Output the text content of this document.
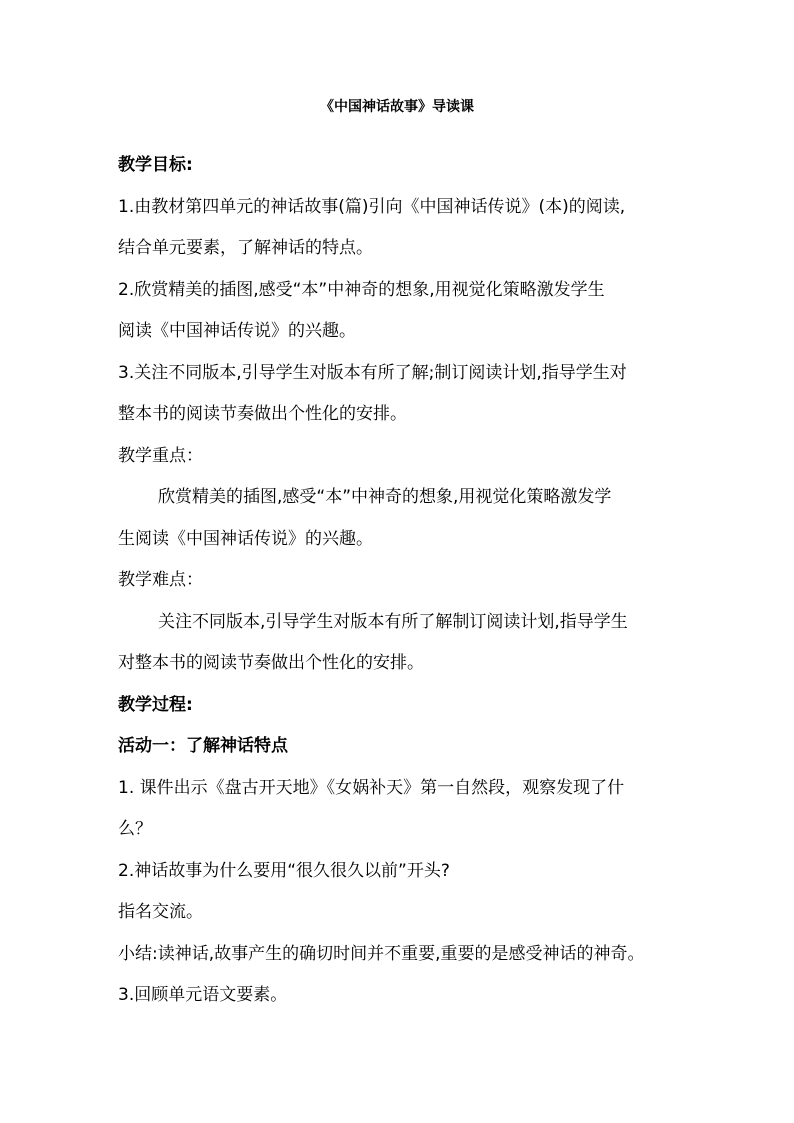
《中国神话故事》导读课
教学目标:
1.由教材第四单元的神话故事(篇)引向《中国神话传说》(本)的阅读,
结合单元要素，了解神话的特点。
2.欣赏精美的插图,感受“本”中神奇的想象,用视觉化策略激发学生
阅读《中国神话传说》的兴趣。
3.关注不同版本,引导学生对版本有所了解;制订阅读计划,指导学生对
整本书的阅读节奏做出个性化的安排。
教学重点：
欣赏精美的插图,感受“本”中神奇的想象,用视觉化策略激发学
生阅读《中国神话传说》的兴趣。
教学难点：
关注不同版本,引导学生对版本有所了解制订阅读计划,指导学生
对整本书的阅读节奏做出个性化的安排。
教学过程:
活动一：了解神话特点
1. 课件出示《盘古开天地》《女娲补天》第一自然段，观察发现了什
么？
2.神话故事为什么要用“很久很久以前”开头?
指名交流。
小结:读神话,故事产生的确切时间并不重要,重要的是感受神话的神奇。
3.回顾单元语文要素。
